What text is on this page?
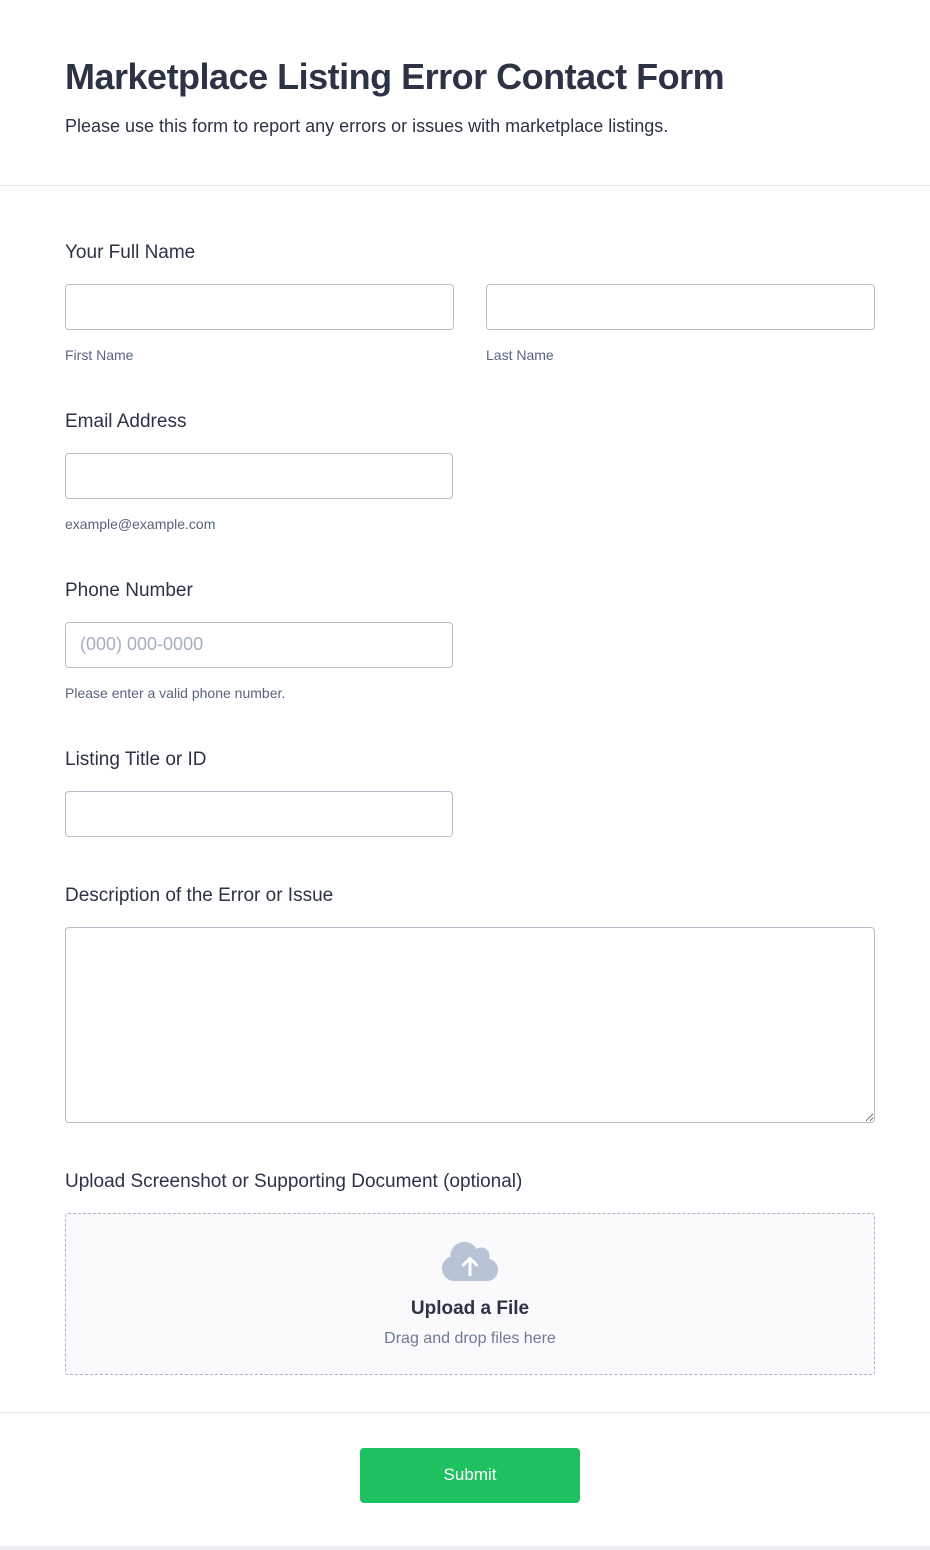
Marketplace Listing Error Contact Form
Please use this form to report any errors or issues with marketplace listings.
Your Full Name
First Name	Last Name
Email Address
example@example.com
Phone Number
(000) 000-0000
Please enter a valid phone number.
Listing Title or ID
Description of the Error or Issue
Upload Screenshot or Supporting Document (optional)
Upload a File
Drag and drop files here
Submit
